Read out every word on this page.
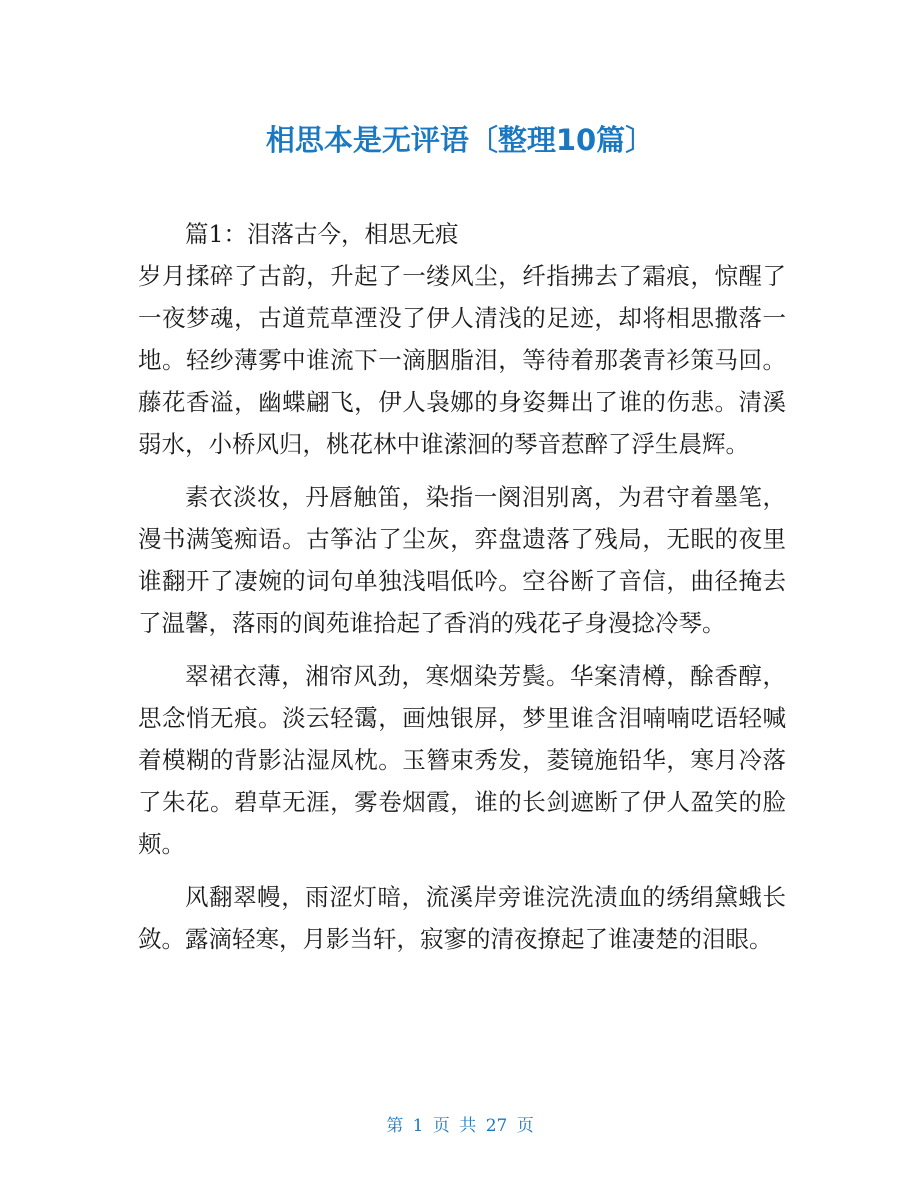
相思本是无评语〔整理10篇〕

篇1：泪落古今，相思无痕

岁月揉碎了古韵，升起了一缕风尘，纤指拂去了霜痕，惊醒了一夜梦魂，古道荒草湮没了伊人清浅的足迹，却将相思撒落一地。轻纱薄雾中谁流下一滴胭脂泪，等待着那袭青衫策马回。藤花香溢，幽蝶翩飞，伊人袅娜的身姿舞出了谁的伤悲。清溪弱水，小桥风归，桃花林中谁潆洄的琴音惹醉了浮生晨辉。

素衣淡妆，丹唇触笛，染指一阕泪别离，为君守着墨笔，漫书满笺痴语。古筝沾了尘灰，弈盘遗落了残局，无眠的夜里谁翻开了凄婉的词句单独浅唱低吟。空谷断了音信，曲径掩去了温馨，落雨的阆苑谁拾起了香消的残花孑身漫捻冷琴。

翠裙衣薄，湘帘风劲，寒烟染芳鬓。华案清樽，酴香醇，思念悄无痕。淡云轻霭，画烛银屏，梦里谁含泪喃喃呓语轻喊着模糊的背影沾湿凤枕。玉簪束秀发，菱镜施铅华，寒月冷落了朱花。碧草无涯，雾卷烟霞，谁的长剑遮断了伊人盈笑的脸颊。

风翻翠幔，雨涩灯暗，流溪岸旁谁浣洗渍血的绣绢黛蛾长敛。露滴轻寒，月影当轩，寂寥的清夜撩起了谁凄楚的泪眼。

第 1 页 共 27 页
